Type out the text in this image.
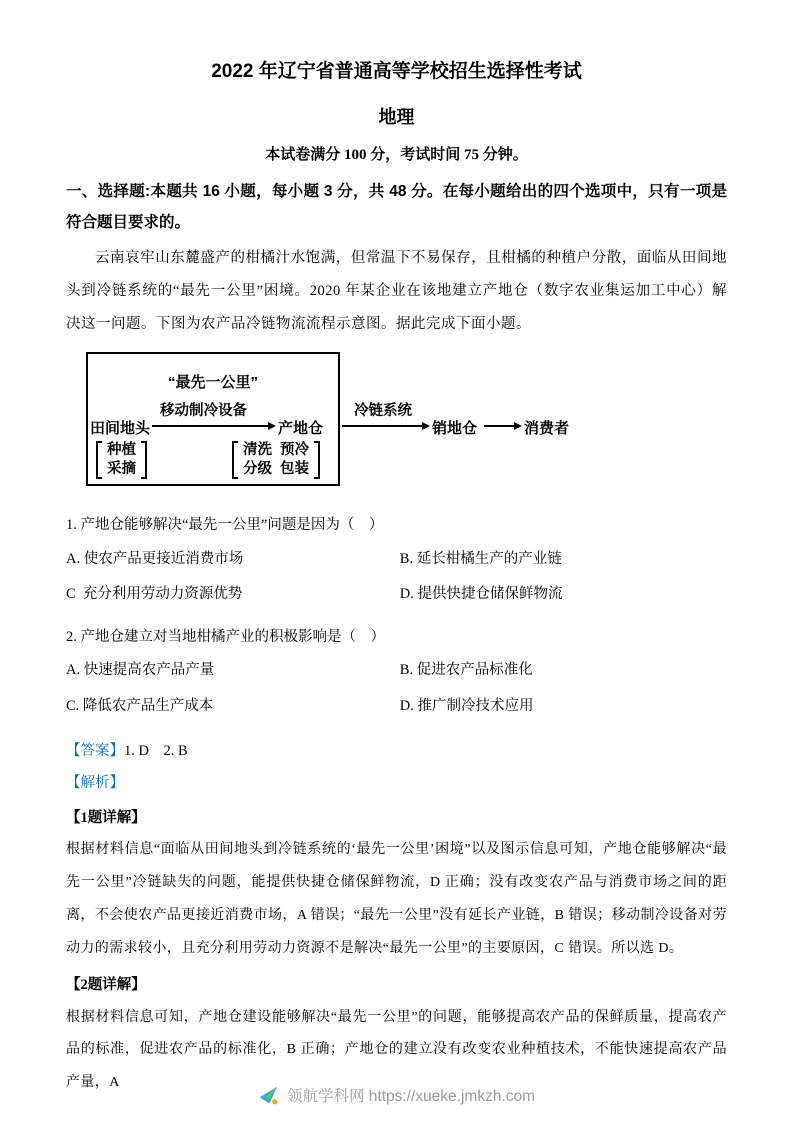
2022 年辽宁省普通高等学校招生选择性考试
地理
本试卷满分 100 分，考试时间 75 分钟。

一、选择题:本题共 16 小题，每小题 3 分，共 48 分。在每小题给出的四个选项中，只有一项是符合题目要求的。

云南哀牢山东麓盛产的柑橘汁水饱满，但常温下不易保存，且柑橘的种植户分散，面临从田间地头到冷链系统的“最先一公里”困境。2020 年某企业在该地建立产地仓（数字农业集运加工中心）解决这一问题。下图为农产品冷链物流流程示意图。据此完成下面小题。

“最先一公里”
田间地头
移动制冷设备
产地仓
种植
采摘
清洗  预冷
分级  包装
冷链系统
销地仓	消费者

1. 产地仓能够解决“最先一公里”问题是因为（    ）

A. 使农产品更接近消费市场	B. 延长柑橘生产的产业链
C  充分利用劳动力资源优势	D. 提供快捷仓储保鲜物流

2. 产地仓建立对当地柑橘产业的积极影响是（    ）

A. 快速提高农产品产量	B. 促进农产品标准化
C. 降低农产品生产成本	D. 推广制冷技术应用

【答案】1. D    2. B

【解析】

【1题详解】

根据材料信息“面临从田间地头到冷链系统的‘最先一公里’困境”以及图示信息可知，产地仓能够解决“最先一公里”冷链缺失的问题，能提供快捷仓储保鲜物流，D 正确；没有改变农产品与消费市场之间的距离，不会使农产品更接近消费市场，A 错误；“最先一公里”没有延长产业链，B 错误；移动制冷设备对劳动力的需求较小，且充分利用劳动力资源不是解决“最先一公里”的主要原因，C 错误。所以选 D。

【2题详解】

根据材料信息可知，产地仓建设能够解决“最先一公里”的问题，能够提高农产品的保鲜质量，提高农产品的标准，促进农产品的标准化，B 正确；产地仓的建立没有改变农业种植技术，不能快速提高农产品产量，A

领航学科网 https://xueke.jmkzh.com
